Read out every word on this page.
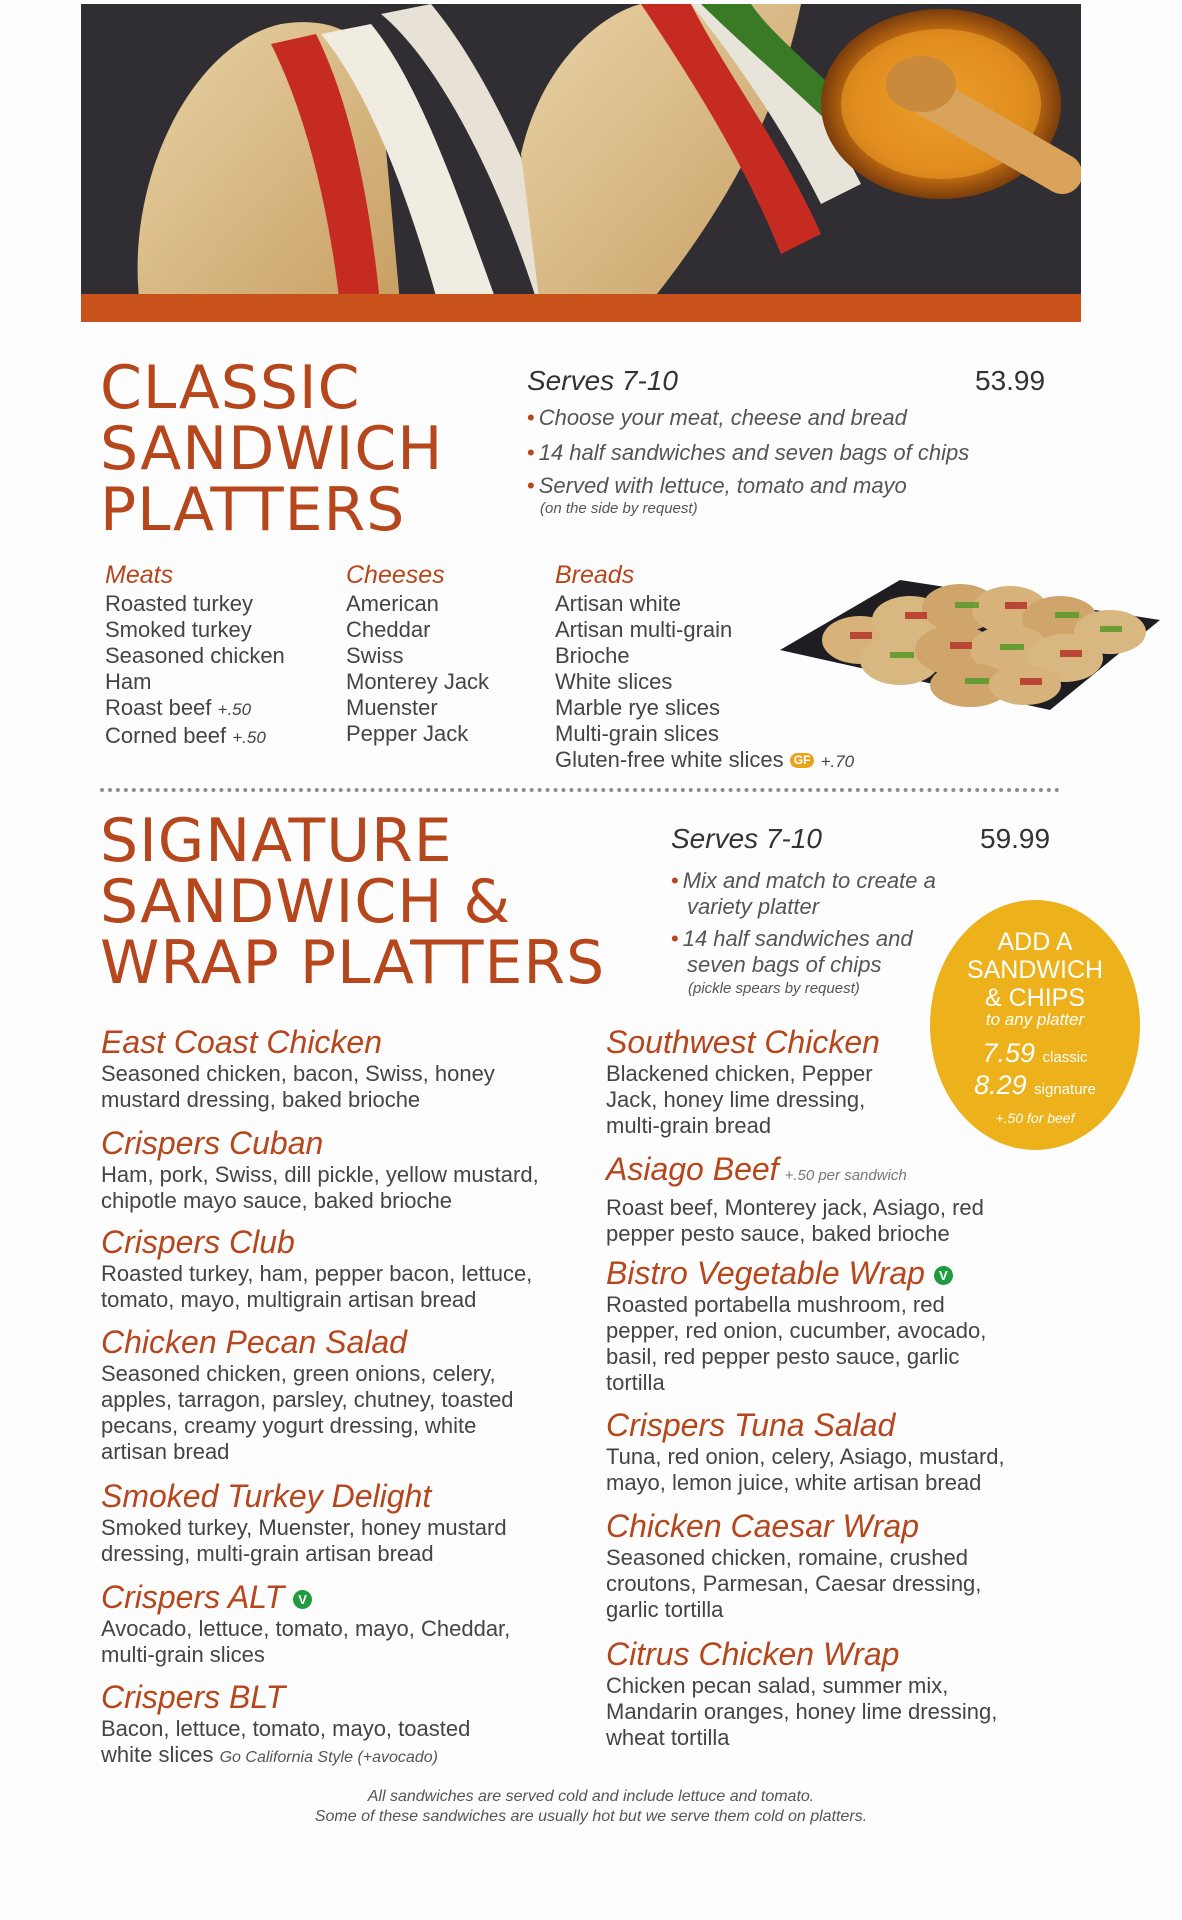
CLASSIC
SANDWICH
PLATTERS
Serves 7-10	53.99
• Choose your meat, cheese and bread
• 14 half sandwiches and seven bags of chips
• Served with lettuce, tomato and mayo
(on the side by request)
Meats
Roasted turkey
Smoked turkey
Seasoned chicken
Ham
Roast beef +.50
Corned beef +.50
Cheeses
American
Cheddar
Swiss
Monterey Jack
Muenster
Pepper Jack
Breads
Artisan white
Artisan multi-grain
Brioche
White slices
Marble rye slices
Multi-grain slices
Gluten-free white slices GF +.70
SIGNATURE
SANDWICH &
WRAP PLATTERS
Serves 7-10	59.99
• Mix and match to create a
variety platter
• 14 half sandwiches and
seven bags of chips
(pickle spears by request)
ADD A
SANDWICH
& CHIPS
to any platter
7.59 classic
8.29 signature
+.50 for beef
East Coast Chicken
Seasoned chicken, bacon, Swiss, honey
mustard dressing, baked brioche
Crispers Cuban
Ham, pork, Swiss, dill pickle, yellow mustard,
chipotle mayo sauce, baked brioche
Crispers Club
Roasted turkey, ham, pepper bacon, lettuce,
tomato, mayo, multigrain artisan bread
Chicken Pecan Salad
Seasoned chicken, green onions, celery,
apples, tarragon, parsley, chutney, toasted
pecans, creamy yogurt dressing, white
artisan bread
Smoked Turkey Delight
Smoked turkey, Muenster, honey mustard
dressing, multi-grain artisan bread
Crispers ALT V
Avocado, lettuce, tomato, mayo, Cheddar,
multi-grain slices
Crispers BLT
Bacon, lettuce, tomato, mayo, toasted
white slices Go California Style (+avocado)
Southwest Chicken
Blackened chicken, Pepper
Jack, honey lime dressing,
multi-grain bread
Asiago Beef +.50 per sandwich
Roast beef, Monterey jack, Asiago, red
pepper pesto sauce, baked brioche
Bistro Vegetable Wrap V
Roasted portabella mushroom, red
pepper, red onion, cucumber, avocado,
basil, red pepper pesto sauce, garlic
tortilla
Crispers Tuna Salad
Tuna, red onion, celery, Asiago, mustard,
mayo, lemon juice, white artisan bread
Chicken Caesar Wrap
Seasoned chicken, romaine, crushed
croutons, Parmesan, Caesar dressing,
garlic tortilla
Citrus Chicken Wrap
Chicken pecan salad, summer mix,
Mandarin oranges, honey lime dressing,
wheat tortilla
All sandwiches are served cold and include lettuce and tomato.
Some of these sandwiches are usually hot but we serve them cold on platters.
